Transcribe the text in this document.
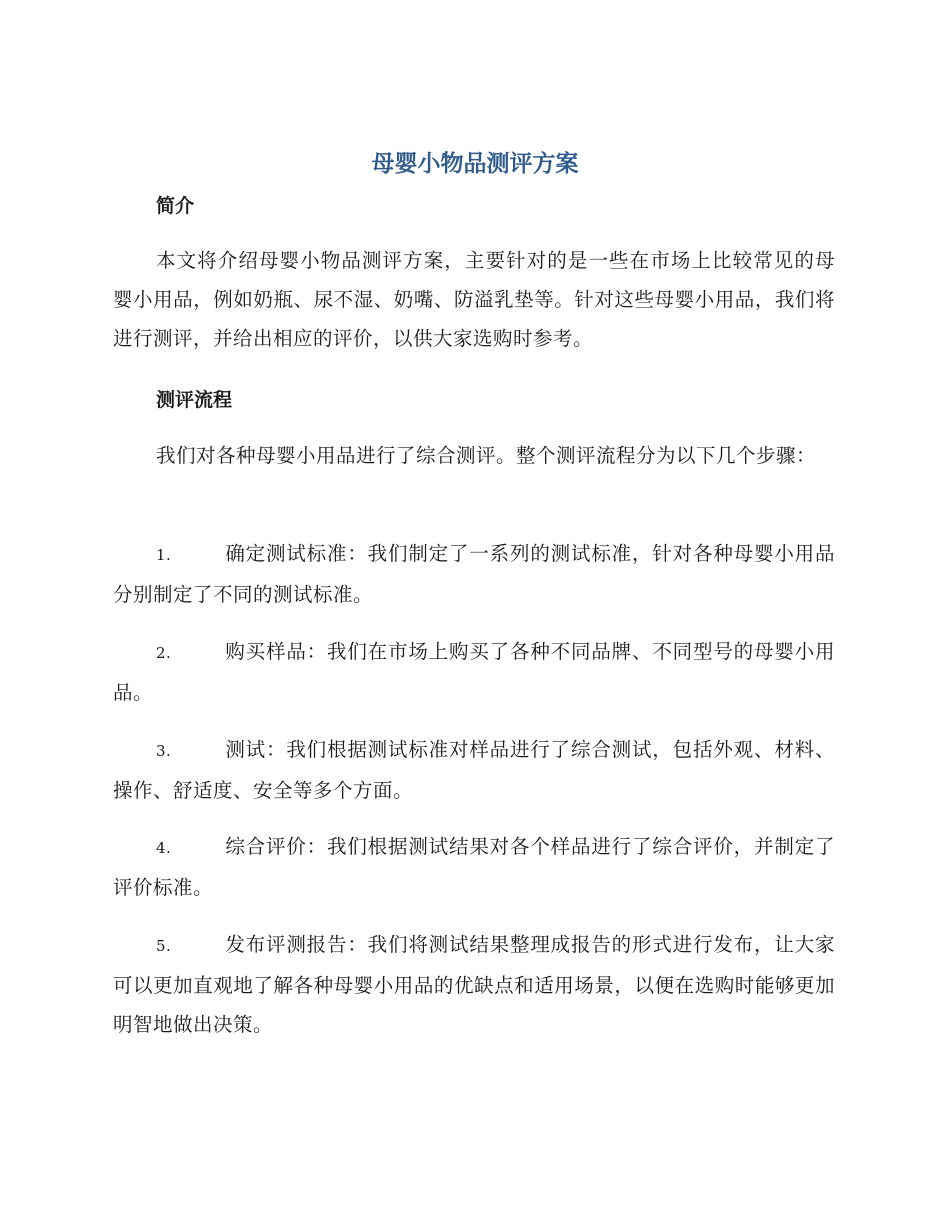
母婴小物品测评方案
简介

本文将介绍母婴小物品测评方案，主要针对的是一些在市场上比较常见的母婴小用品，例如奶瓶、尿不湿、奶嘴、防溢乳垫等。针对这些母婴小用品，我们将进行测评，并给出相应的评价，以供大家选购时参考。

测评流程

我们对各种母婴小用品进行了综合测评。整个测评流程分为以下几个步骤：

1.	确定测试标准：我们制定了一系列的测试标准，针对各种母婴小用品分别制定了不同的测试标准。
2.	购买样品：我们在市场上购买了各种不同品牌、不同型号的母婴小用品。
3.	测试：我们根据测试标准对样品进行了综合测试，包括外观、材料、操作、舒适度、安全等多个方面。
4.	综合评价：我们根据测试结果对各个样品进行了综合评价，并制定了评价标准。
5.	发布评测报告：我们将测试结果整理成报告的形式进行发布，让大家可以更加直观地了解各种母婴小用品的优缺点和适用场景，以便在选购时能够更加明智地做出决策。
